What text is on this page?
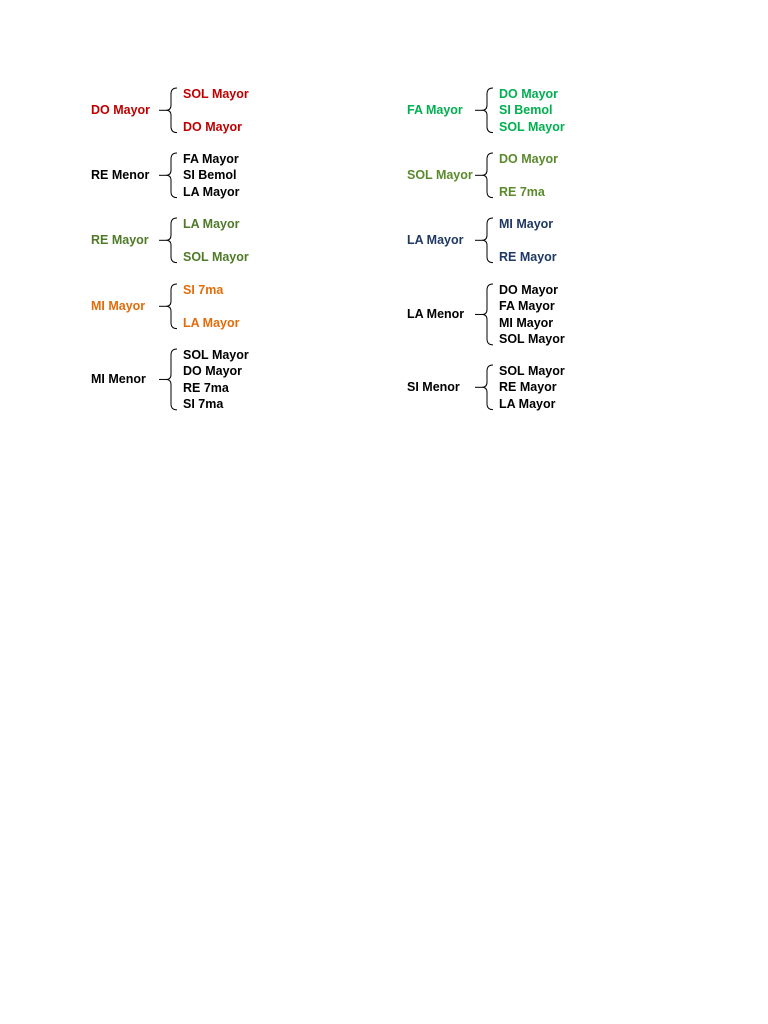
DO Mayor
SOL Mayor
DO Mayor
RE Menor
FA Mayor
SI Bemol
LA Mayor
RE Mayor
LA Mayor
SOL Mayor
MI Mayor
SI 7ma
LA Mayor
MI Menor
SOL Mayor
DO Mayor
RE 7ma
SI 7ma
FA Mayor
DO Mayor
SI Bemol
SOL Mayor
SOL Mayor
DO Mayor
RE 7ma
LA Mayor
MI Mayor
RE Mayor
LA Menor
DO Mayor
FA Mayor
MI Mayor
SOL Mayor
SI Menor
SOL Mayor
RE Mayor
LA Mayor
